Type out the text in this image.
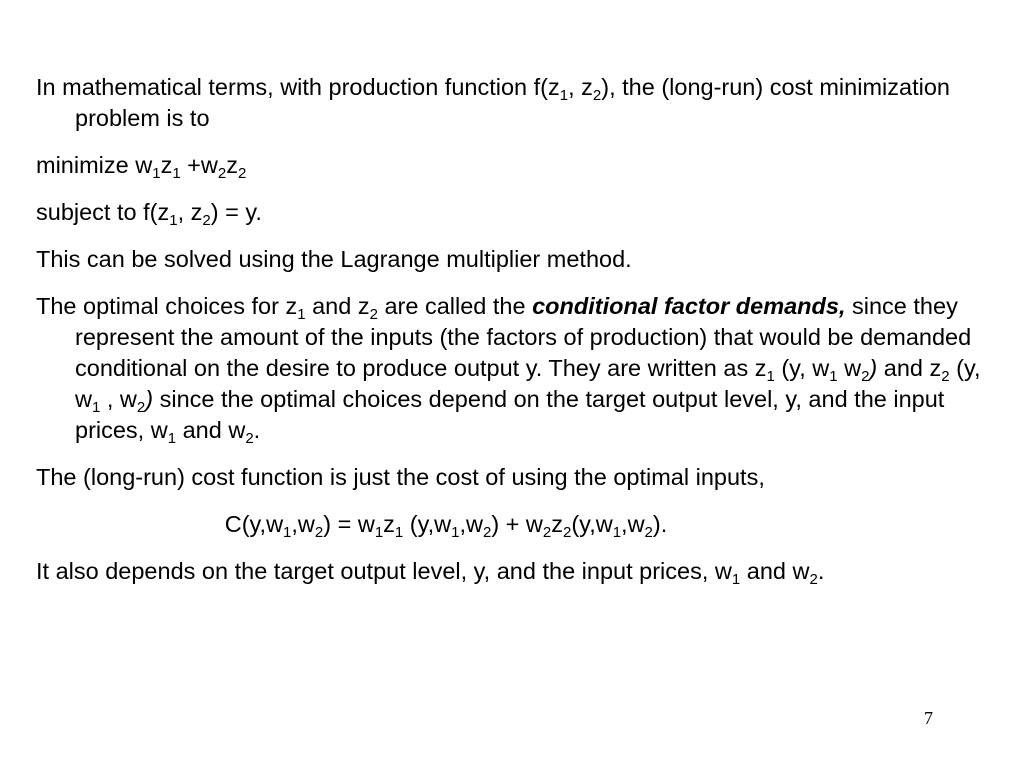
In mathematical terms, with production function $f(z_1$, $z_2$), the (long-run) cost minimization problem is to

minimize $w_1z_1 +w_2z_2$

subject to $f(z_1$, $z_2) = y$.

This can be solved using the Lagrange multiplier method.

The optimal choices for $z_1$ and $z_2$ are called the conditional factor demands, since they represent the amount of the inputs (the factors of production) that would be demanded conditional on the desire to produce output y. They are written as $z_1$ (y, $w_1$ $w_2$) and $z_2$ (y, $w_1$ , $w_2$) since the optimal choices depend on the target output level, y, and the input prices, $w_1$ and $w_2$.

The (long-run) cost function is just the cost of using the optimal inputs,

$C(y,w_1,w_2) = w_1z_1$ $(y,w_1,w_2) + w_2z_2(y,w_1,w_2)$.

It also depends on the target output level, y, and the input prices, $w_1$ and $w_2$.

7
